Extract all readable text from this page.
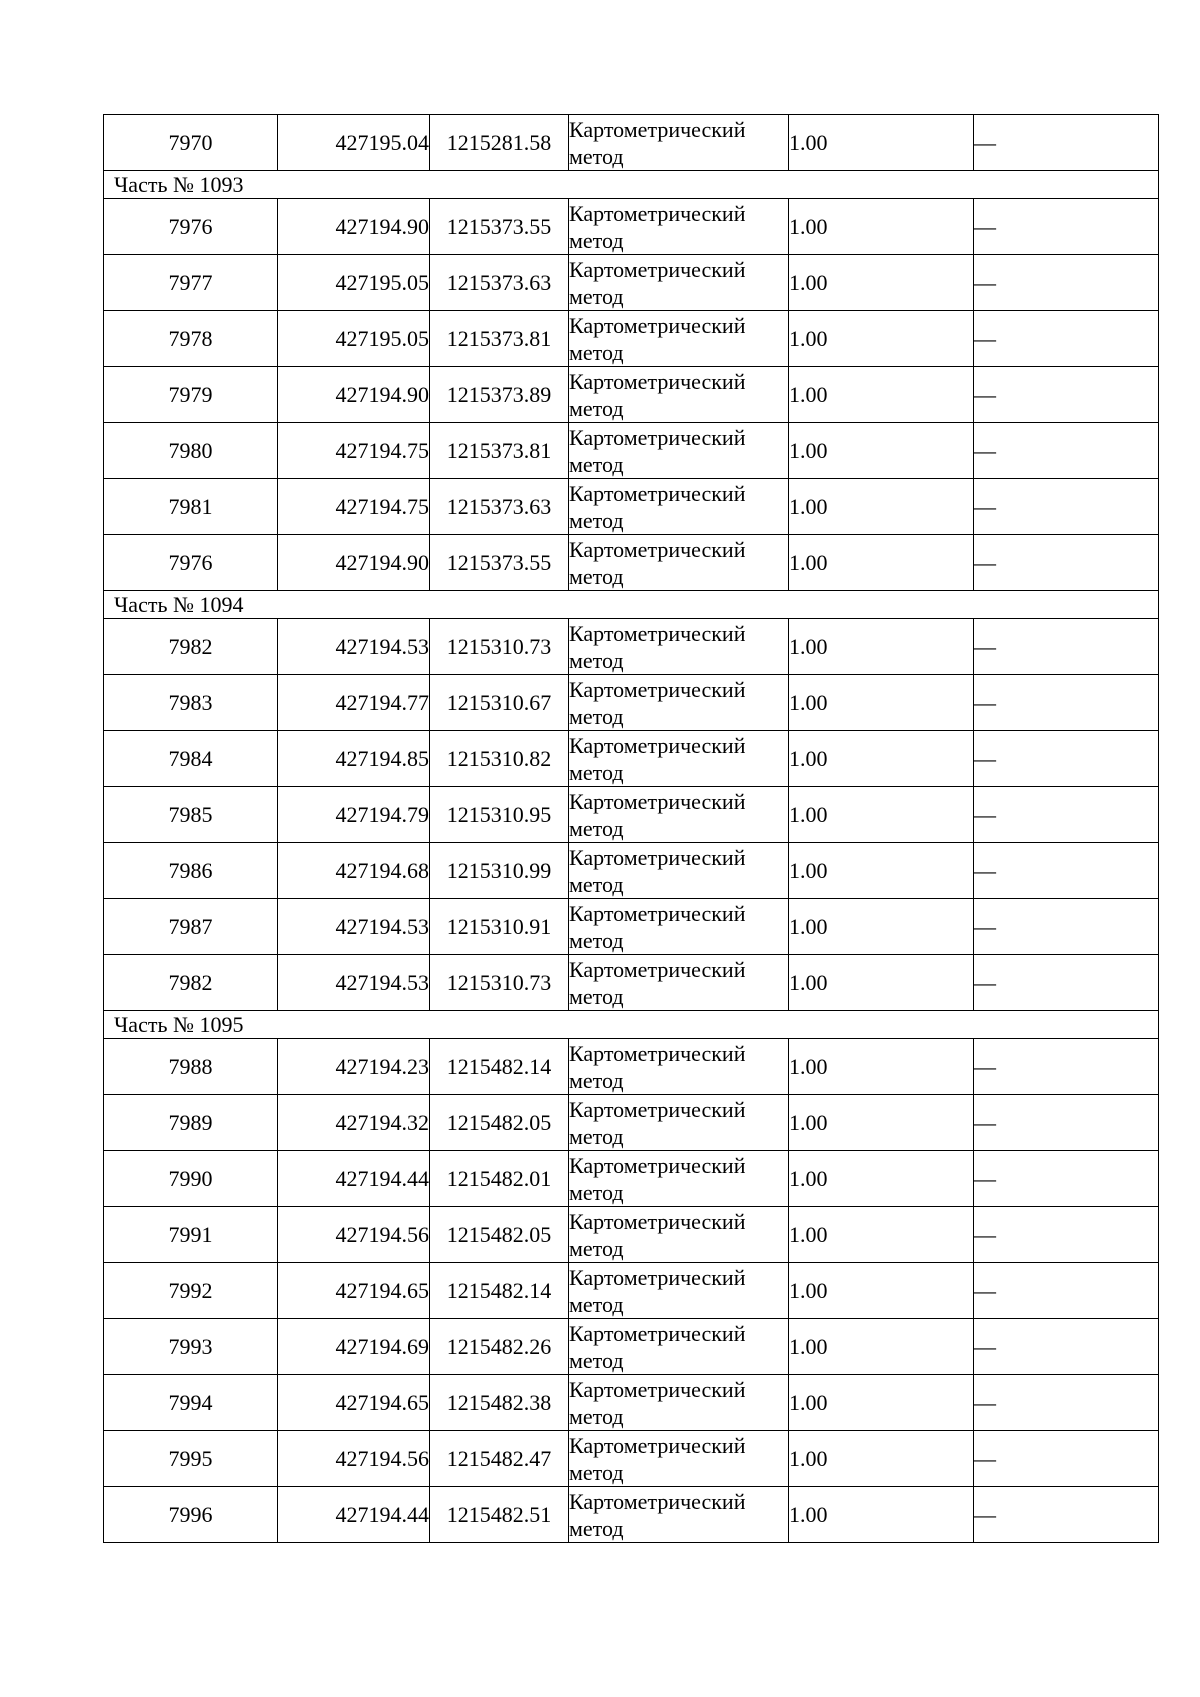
7970	427195.04	1215281.58	Картометрический метод	1.00	—
Часть № 1093					
7976	427194.90	1215373.55	Картометрический метод	1.00	—
7977	427195.05	1215373.63	Картометрический метод	1.00	—
7978	427195.05	1215373.81	Картометрический метод	1.00	—
7979	427194.90	1215373.89	Картометрический метод	1.00	—
7980	427194.75	1215373.81	Картометрический метод	1.00	—
7981	427194.75	1215373.63	Картометрический метод	1.00	—
7976	427194.90	1215373.55	Картометрический метод	1.00	—
Часть № 1094					
7982	427194.53	1215310.73	Картометрический метод	1.00	—
7983	427194.77	1215310.67	Картометрический метод	1.00	—
7984	427194.85	1215310.82	Картометрический метод	1.00	—
7985	427194.79	1215310.95	Картометрический метод	1.00	—
7986	427194.68	1215310.99	Картометрический метод	1.00	—
7987	427194.53	1215310.91	Картометрический метод	1.00	—
7982	427194.53	1215310.73	Картометрический метод	1.00	—
Часть № 1095					
7988	427194.23	1215482.14	Картометрический метод	1.00	—
7989	427194.32	1215482.05	Картометрический метод	1.00	—
7990	427194.44	1215482.01	Картометрический метод	1.00	—
7991	427194.56	1215482.05	Картометрический метод	1.00	—
7992	427194.65	1215482.14	Картометрический метод	1.00	—
7993	427194.69	1215482.26	Картометрический метод	1.00	—
7994	427194.65	1215482.38	Картометрический метод	1.00	—
7995	427194.56	1215482.47	Картометрический метод	1.00	—
7996	427194.44	1215482.51	Картометрический метод	1.00	—
